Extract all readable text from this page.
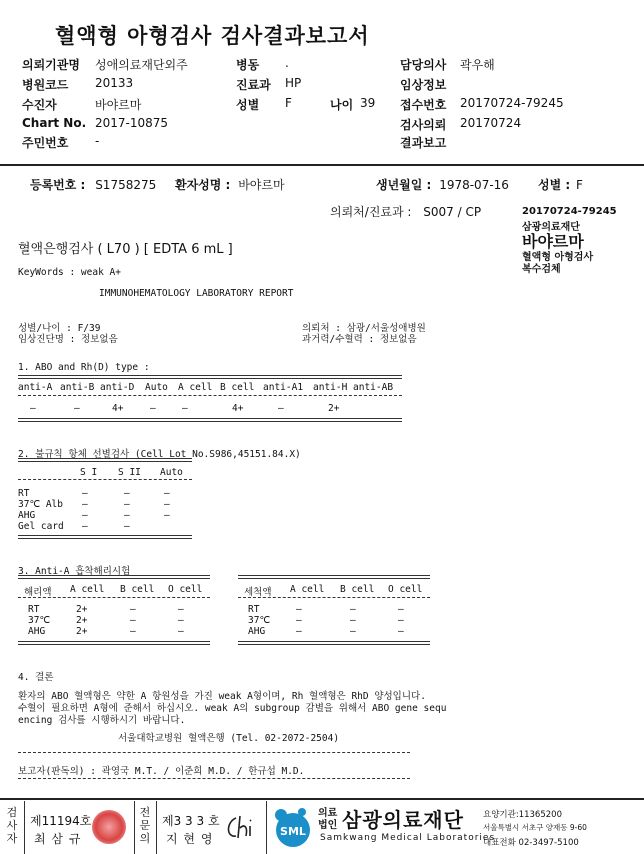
혈액형 아형검사 검사결과보고서
의뢰기관명 성애의료재단외주
병원코드 20133
수진자	바야르마
Chart No. 2017-10875
주민번호 -
병동 .
진료과 HP
성별 F	나이 39
담당의사 곽우해
임상정보
접수번호 20170724-79245
검사의뢰 20170724
결과보고
등록번호 : S1758275 환자성명 : 바야르마	생년월일 : 1978-07-16 성별 : F
의뢰처/진료과 : S007 / CP	20170724-79245
삼광의료재단
바야르마
혈액형 아형검사
복수검체
혈액은행검사 ( L70 ) [ EDTA 6 mL ]
KeyWords : weak A+
IMMUNOHEMATOLOGY LABORATORY REPORT
성별/나이 : F/39
임상진단명 : 정보없음
의뢰처 : 삼광/서울성애병원
과거력/수혈력 : 정보없음
1. ABO and Rh(D) type :
anti-A anti-B anti-D Auto A cell B cell anti-A1 anti-H anti-AB
–	–	4+	–	–	4+	–	2+
2. 불규칙 항체 선별검사 (Cell Lot No.S986,45151.84.X)
S I S II Auto
RT	–	–	–
37℃ Alb –	–	–
AHG	–	–	–
Gel card –	–
3. Anti-A 흡착해리시험
해리액 A cell B cell O cell	세척액 A cell B cell O cell
RT	2+	–	–
37℃	2+	–	–
AHG	2+	–	–
RT	–	–	–
37℃	–	–	–
AHG	–	–	–
4. 결론
환자의 ABO 혈액형은 약한 A 항원성을 가진 weak A형이며, Rh 혈액형은 RhD 양성입니다.
수혈이 필요하면 A형에 준해서 하십시오. weak A의 subgroup 감별을 위해서 ABO gene sequ
encing 검사를 시행하시기 바랍니다.
서울대학교병원 혈액은행 (Tel. 02-2072-2504)
보고자(판독의) : 곽영국 M.T. / 이준희 M.D. / 한규섭 M.D.
검사자
제11194호
최 삼 규
전문의
제3 3 3 호
지 현 영
SML
의료
법인 삼광의료재단
Samkwang Medical Laboratories
요양기관:11365200
서울특별시 서초구 양재동 9-60
대표전화 02-3497-5100
